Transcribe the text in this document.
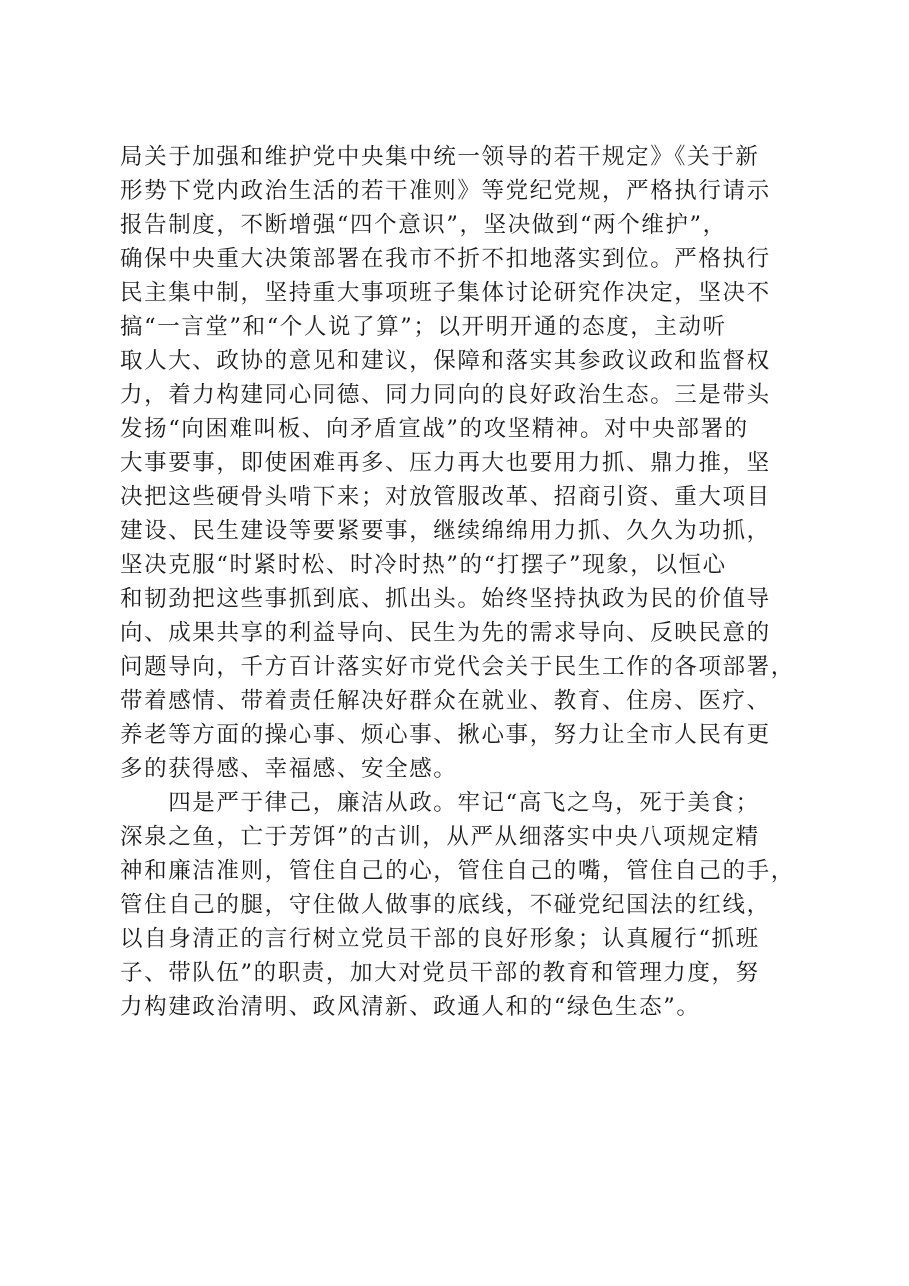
局关于加强和维护党中央集中统一领导的若干规定》《关于新
形势下党内政治生活的若干准则》等党纪党规，严格执行请示
报告制度，不断增强“四个意识”，坚决做到“两个维护”，
确保中央重大决策部署在我市不折不扣地落实到位。严格执行
民主集中制，坚持重大事项班子集体讨论研究作决定，坚决不
搞“一言堂”和“个人说了算”；以开明开通的态度，主动听
取人大、政协的意见和建议，保障和落实其参政议政和监督权
力，着力构建同心同德、同力同向的良好政治生态。三是带头
发扬“向困难叫板、向矛盾宣战”的攻坚精神。对中央部署的
大事要事，即使困难再多、压力再大也要用力抓、鼎力推，坚
决把这些硬骨头啃下来；对放管服改革、招商引资、重大项目
建设、民生建设等要紧要事，继续绵绵用力抓、久久为功抓，
坚决克服“时紧时松、时冷时热”的“打摆子”现象，以恒心
和韧劲把这些事抓到底、抓出头。始终坚持执政为民的价值导
向、成果共享的利益导向、民生为先的需求导向、反映民意的
问题导向，千方百计落实好市党代会关于民生工作的各项部署，
带着感情、带着责任解决好群众在就业、教育、住房、医疗、
养老等方面的操心事、烦心事、揪心事，努力让全市人民有更
多的获得感、幸福感、安全感。
　　四是严于律己，廉洁从政。牢记“高飞之鸟，死于美食；
深泉之鱼，亡于芳饵”的古训，从严从细落实中央八项规定精
神和廉洁准则，管住自己的心，管住自己的嘴，管住自己的手，
管住自己的腿，守住做人做事的底线，不碰党纪国法的红线，
以自身清正的言行树立党员干部的良好形象；认真履行“抓班
子、带队伍”的职责，加大对党员干部的教育和管理力度，努
力构建政治清明、政风清新、政通人和的“绿色生态”。
